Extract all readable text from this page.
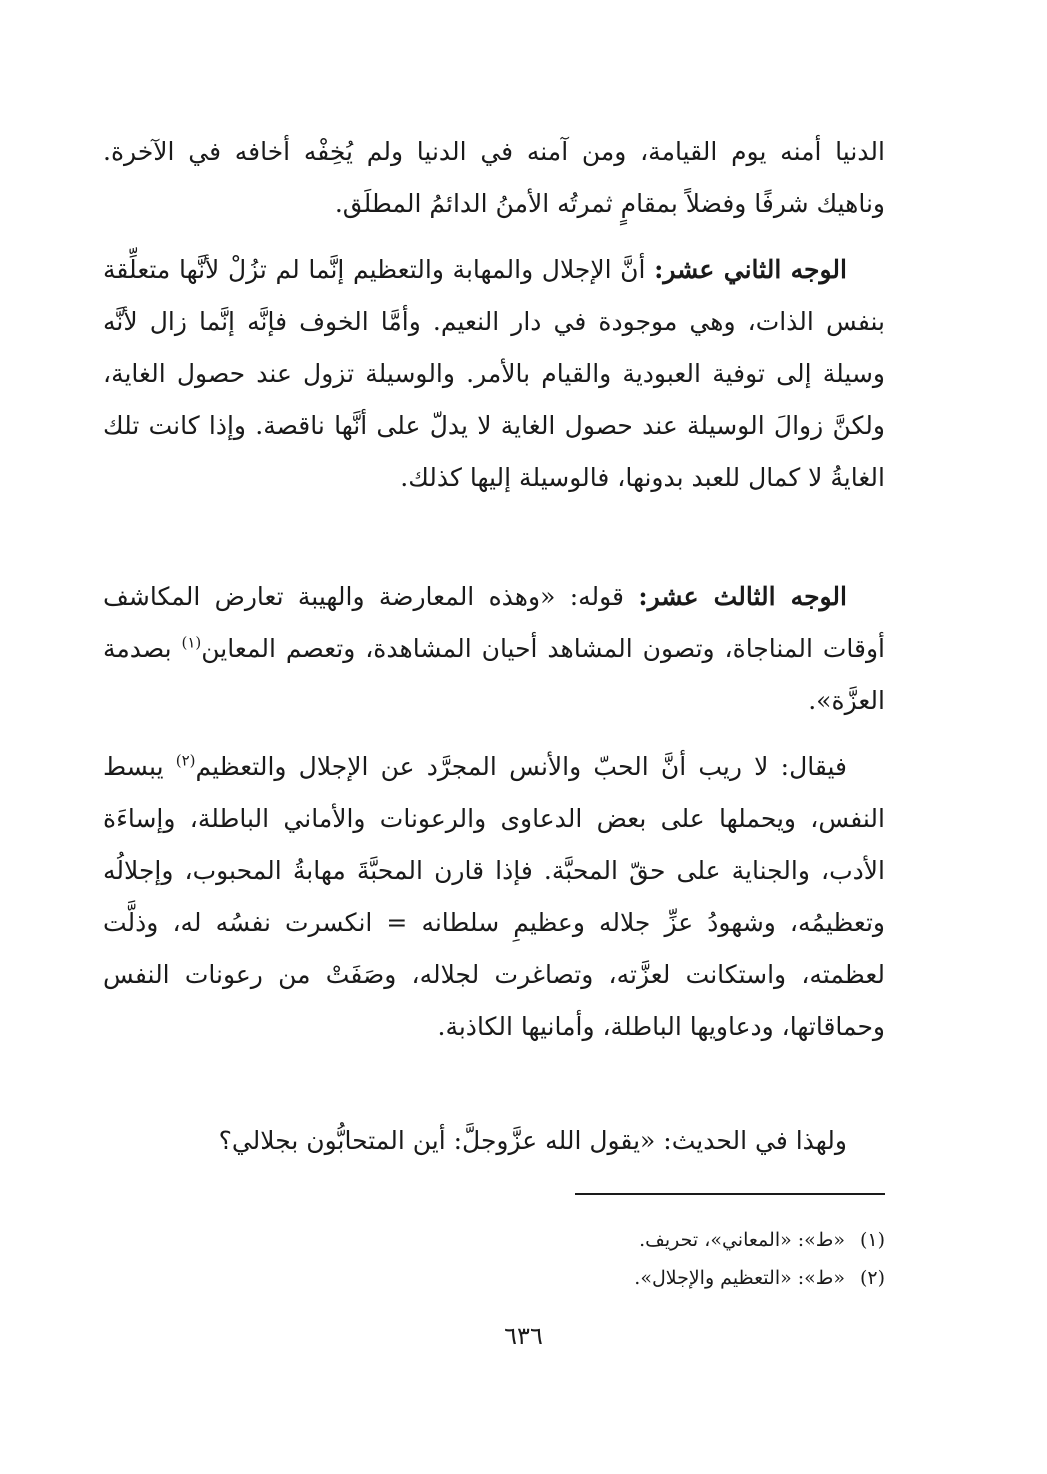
الدنيا أمنه يوم القيامة، ومن آمنه في الدنيا ولم يُخِفْه أخافه في الآخرة. وناهيك شرفًا وفضلاً بمقامٍ ثمرتُه الأمنُ الدائمُ المطلَق.

الوجه الثاني عشر: أنَّ الإجلال والمهابة والتعظيم إنَّما لم تزُلْ لأنَّها متعلِّقة بنفس الذات، وهي موجودة في دار النعيم. وأمَّا الخوف فإنَّه إنَّما زال لأنَّه وسيلة إلى توفية العبودية والقيام بالأمر. والوسيلة تزول عند حصول الغاية، ولكنَّ زوالَ الوسيلة عند حصول الغاية لا يدلّ على أنَّها ناقصة. وإذا كانت تلك الغايةُ لا كمال للعبد بدونها، فالوسيلة إليها كذلك.

الوجه الثالث عشر: قوله: «وهذه المعارضة والهيبة تعارض المكاشف أوقات المناجاة، وتصون المشاهد أحيان المشاهدة، وتعصم المعاين$^{(١)}$ بصدمة العزَّة».

فيقال: لا ريب أنَّ الحبّ والأنس المجرَّد عن الإجلال والتعظيم$^{(٢)}$ يبسط النفس، ويحملها على بعض الدعاوى والرعونات والأماني الباطلة، وإساءَة الأدب، والجناية على حقّ المحبَّة. فإذا قارن المحبَّةَ مهابةُ المحبوب، وإجلالُه وتعظيمُه، وشهودُ عزِّ جلاله وعظيمِ سلطانه = انكسرت نفسُه له، وذلَّت لعظمته، واستكانت لعزَّته، وتصاغرت لجلاله، وصَفَتْ من رعونات النفس وحماقاتها، ودعاويها الباطلة، وأمانيها الكاذبة.

ولهذا في الحديث: «يقول الله عزَّوجلَّ: أين المتحابُّون بجلالي؟

(١)«ط»: «المعاني»، تحريف.

(٢)«ط»: «التعظيم والإجلال».

٦٣٦
